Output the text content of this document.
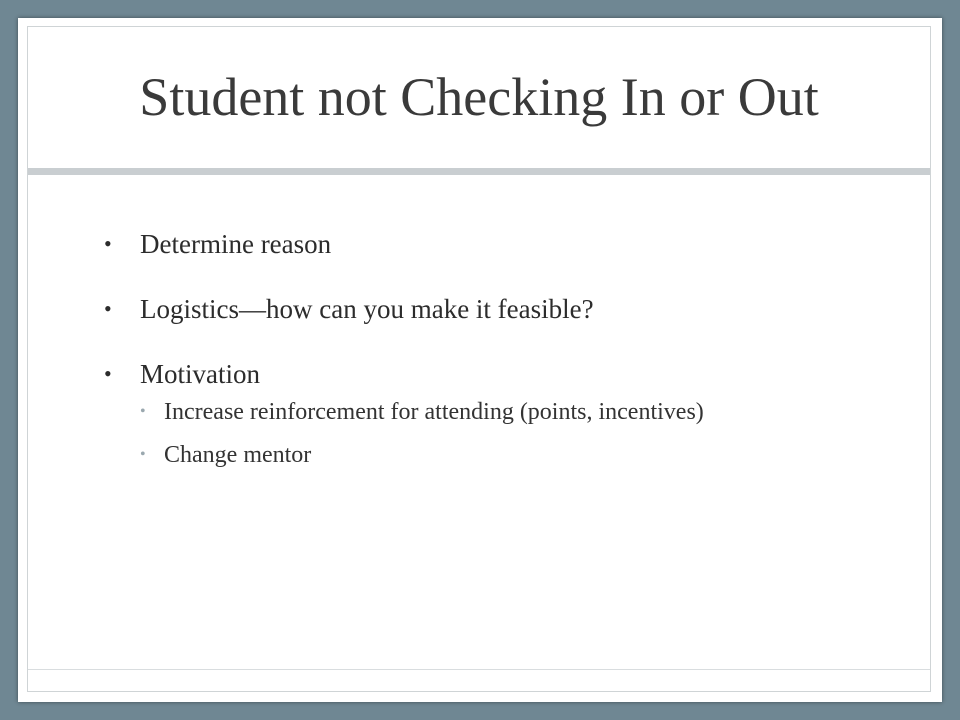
Student not Checking In or Out
• Determine reason
• Logistics—how can you make it feasible?
• Motivation
• Increase reinforcement for attending (points, incentives)
• Change mentor
